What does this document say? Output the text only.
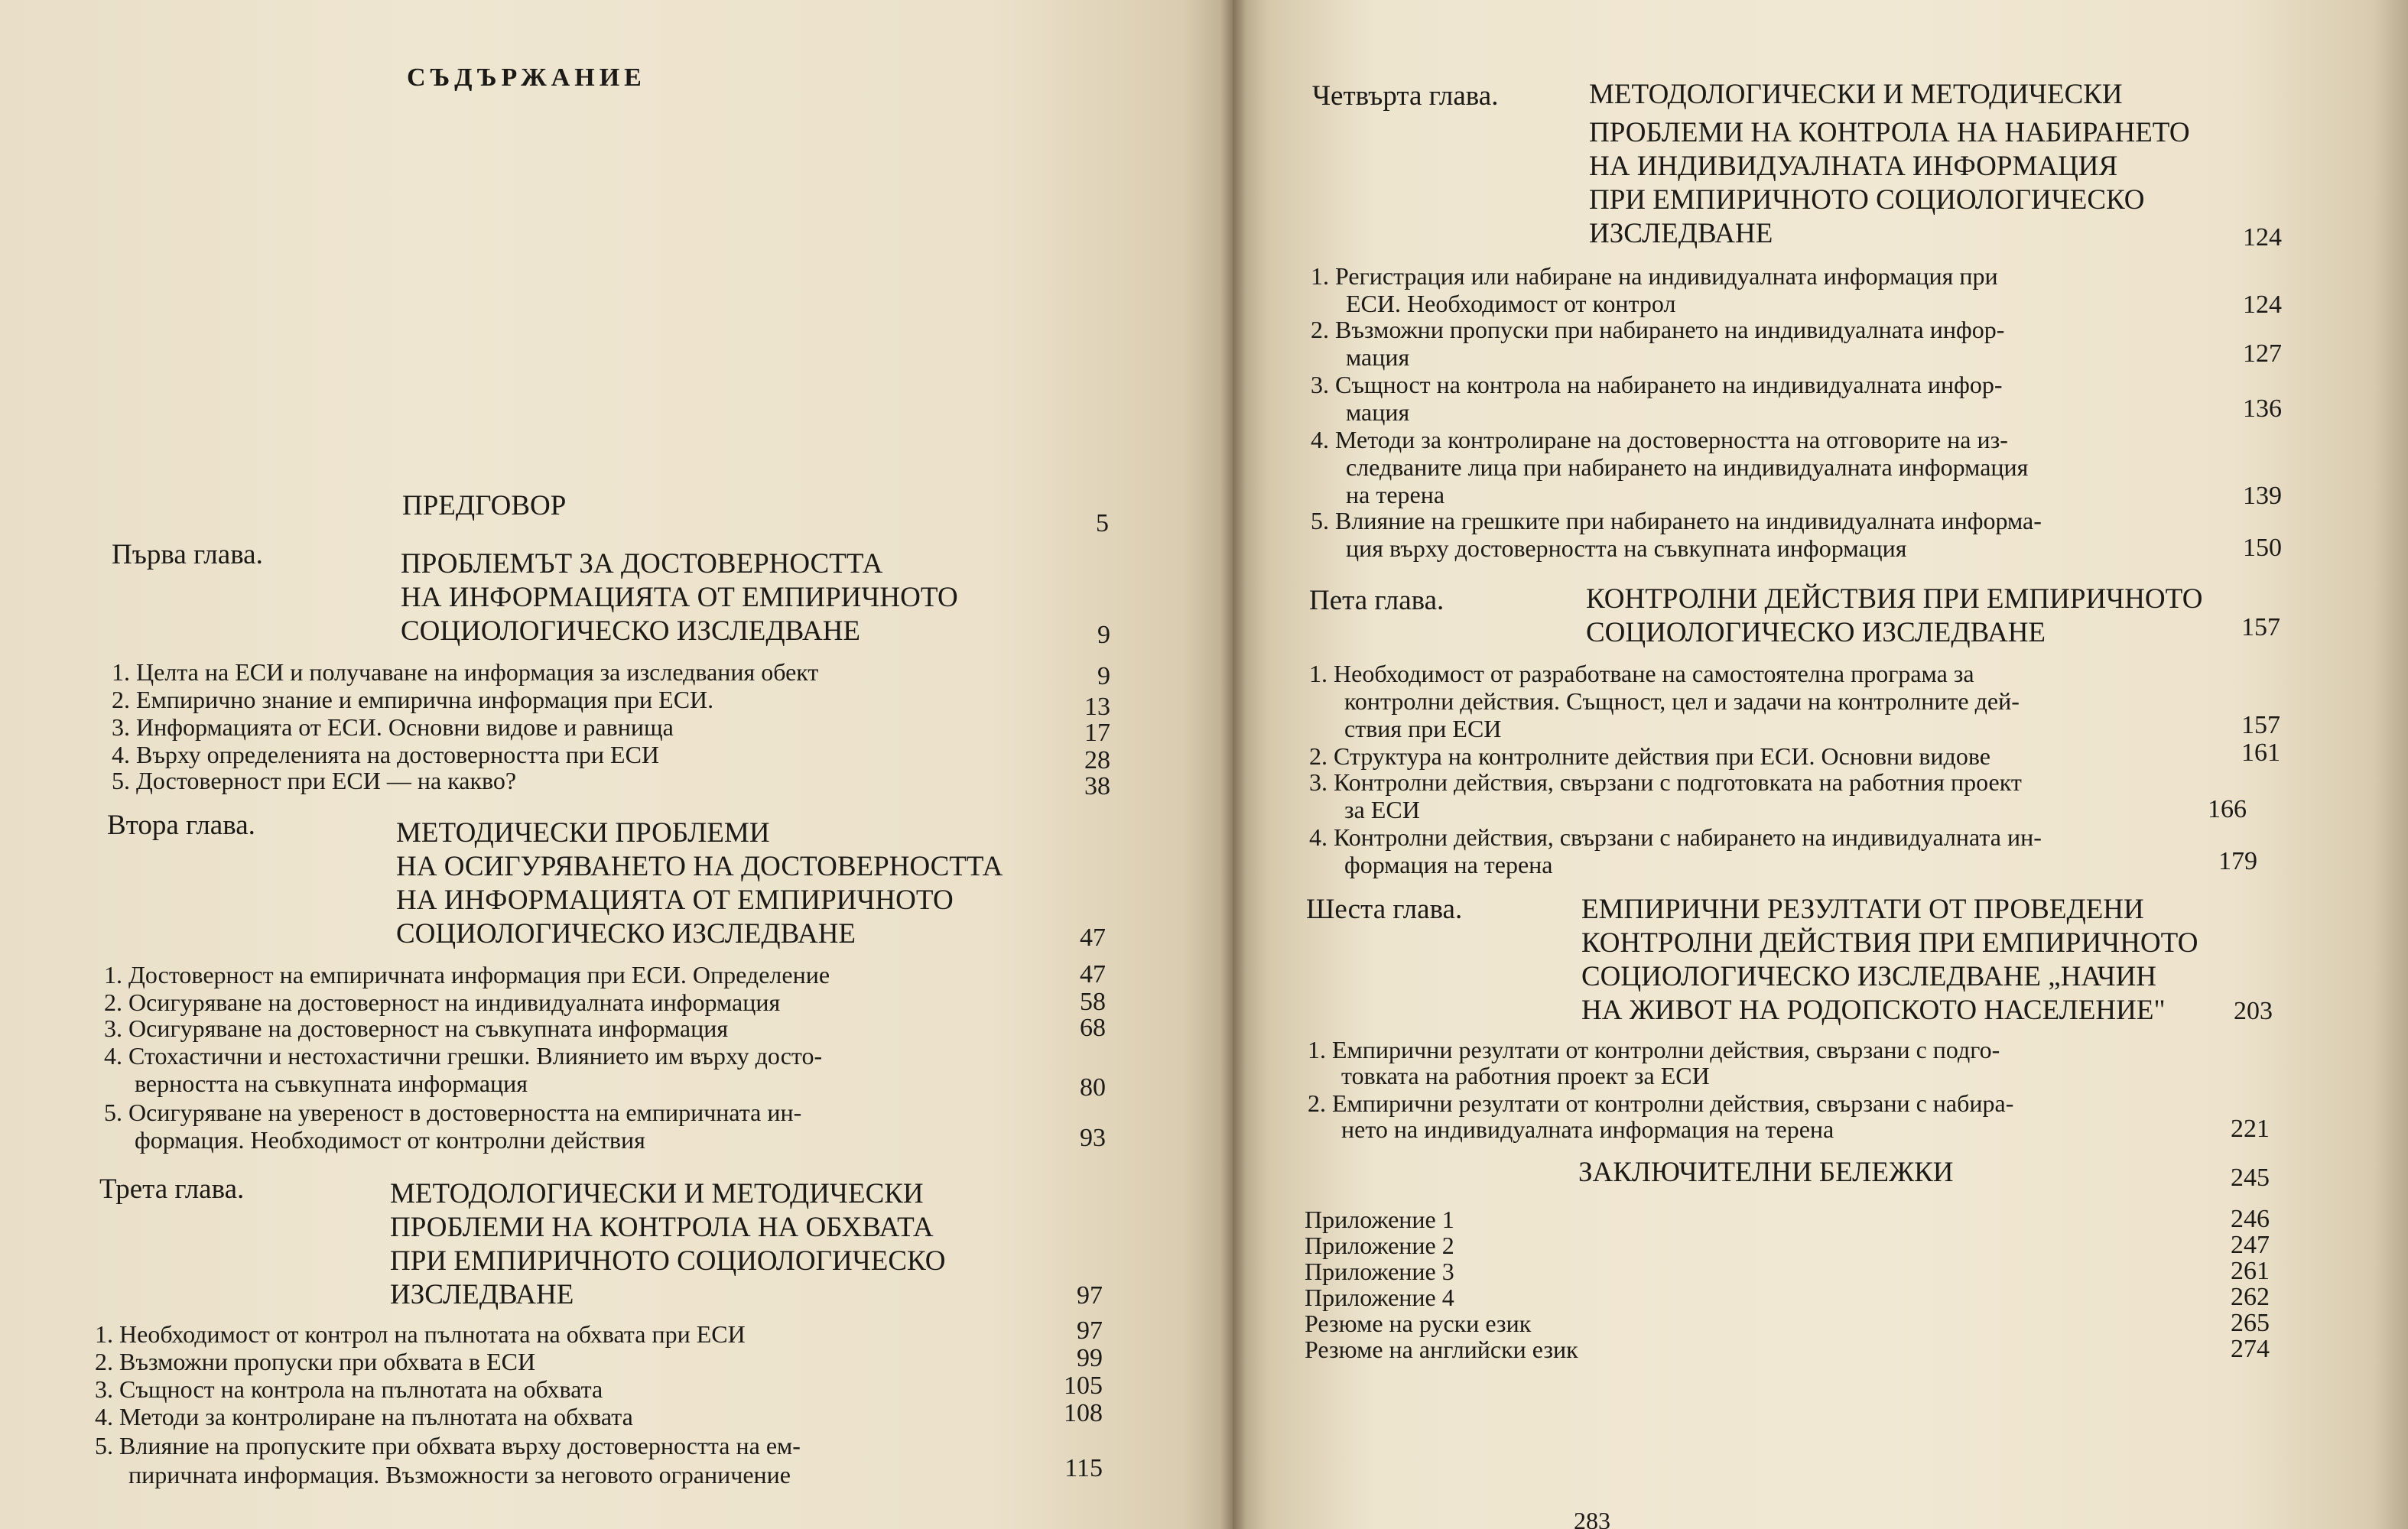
СЪДЪРЖАНИЕ
ПРЕДГОВОР
5
Първа глава.	ПРОБЛЕМЪТ ЗА ДОСТОВЕРНОСТТА
НА ИНФОРМАЦИЯТА ОТ ЕМПИРИЧНОТО
СОЦИОЛОГИЧЕСКО ИЗСЛЕДВАНЕ	9
1. Целта на ЕСИ и получаване на информация за изследвания обект	9
2. Емпирично знание и емпирична информация при ЕСИ.	13
3. Информацията от ЕСИ. Основни видове и равнища	17
4. Върху определенията на достоверността при ЕСИ	28
5. Достоверност при ЕСИ — на какво?	38
Втора глава.	МЕТОДИЧЕСКИ ПРОБЛЕМИ
НА ОСИГУРЯВАНЕТО НА ДОСТОВЕРНОСТТА
НА ИНФОРМАЦИЯТА ОТ ЕМПИРИЧНОТО
СОЦИОЛОГИЧЕСКО ИЗСЛЕДВАНЕ	47
1. Достоверност на емпиричната информация при ЕСИ. Определение	47
2. Осигуряване на достоверност на индивидуалната информация	58
3. Осигуряване на достоверност на съвкупната информация	68
4. Стохастични и нестохастични грешки. Влиянието им върху досто-
верността на съвкупната информация	80
5. Осигуряване на увереност в достоверността на емпиричната ин-
формация. Необходимост от контролни действия	93
Трета глава.	МЕТОДОЛОГИЧЕСКИ И МЕТОДИЧЕСКИ
ПРОБЛЕМИ НА КОНТРОЛА НА ОБХВАТА
ПРИ ЕМПИРИЧНОТО СОЦИОЛОГИЧЕСКО
ИЗСЛЕДВАНЕ	97
1. Необходимост от контрол на пълнотата на обхвата при ЕСИ	97
2. Възможни пропуски при обхвата в ЕСИ	99
3. Същност на контрола на пълнотата на обхвата	105
4. Методи за контролиране на пълнотата на обхвата	108
5. Влияние на пропуските при обхвата върху достоверността на ем-
пиричната информация. Възможности за неговото ограничение	115
Четвърта глава.	МЕТОДОЛОГИЧЕСКИ И МЕТОДИЧЕСКИ
ПРОБЛЕМИ НА КОНТРОЛА НА НАБИРАНЕТО
НА ИНДИВИДУАЛНАТА ИНФОРМАЦИЯ
ПРИ ЕМПИРИЧНОТО СОЦИОЛОГИЧЕСКО
ИЗСЛЕДВАНЕ	124
1. Регистрация или набиране на индивидуалната информация при
ЕСИ. Необходимост от контрол	124
2. Възможни пропуски при набирането на индивидуалната инфор-
мация	127
3. Същност на контрола на набирането на индивидуалната инфор-
мация	136
4. Методи за контролиране на достоверността на отговорите на из-
следваните лица при набирането на индивидуалната информация
на терена	139
5. Влияние на грешките при набирането на индивидуалната информа-
ция върху достоверността на съвкупната информация	150
Пета глава.	КОНТРОЛНИ ДЕЙСТВИЯ ПРИ ЕМПИРИЧНОТО
СОЦИОЛОГИЧЕСКО ИЗСЛЕДВАНЕ	157
1. Необходимост от разработване на самостоятелна програма за
контролни действия. Същност, цел и задачи на контролните дей-
ствия при ЕСИ	157
2. Структура на контролните действия при ЕСИ. Основни видове	161
3. Контролни действия, свързани с подготовката на работния проект
за ЕСИ	166
4. Контролни действия, свързани с набирането на индивидуалната ин-
формация на терена	179
Шеста глава.	ЕМПИРИЧНИ РЕЗУЛТАТИ ОТ ПРОВЕДЕНИ
КОНТРОЛНИ ДЕЙСТВИЯ ПРИ ЕМПИРИЧНОТО
СОЦИОЛОГИЧЕСКО ИЗСЛЕДВАНЕ „НАЧИН
НА ЖИВОТ НА РОДОПСКОТО НАСЕЛЕНИЕ"	203
1. Емпирични резултати от контролни действия, свързани с подго-
товката на работния проект за ЕСИ
2. Емпирични резултати от контролни действия, свързани с набира-
нето на индивидуалната информация на терена	221
ЗАКЛЮЧИТЕЛНИ БЕЛЕЖКИ	245
Приложение 1	246
Приложение 2	247
Приложение 3	261
Приложение 4	262
Резюме на руски език	265
Резюме на английски език	274
283
